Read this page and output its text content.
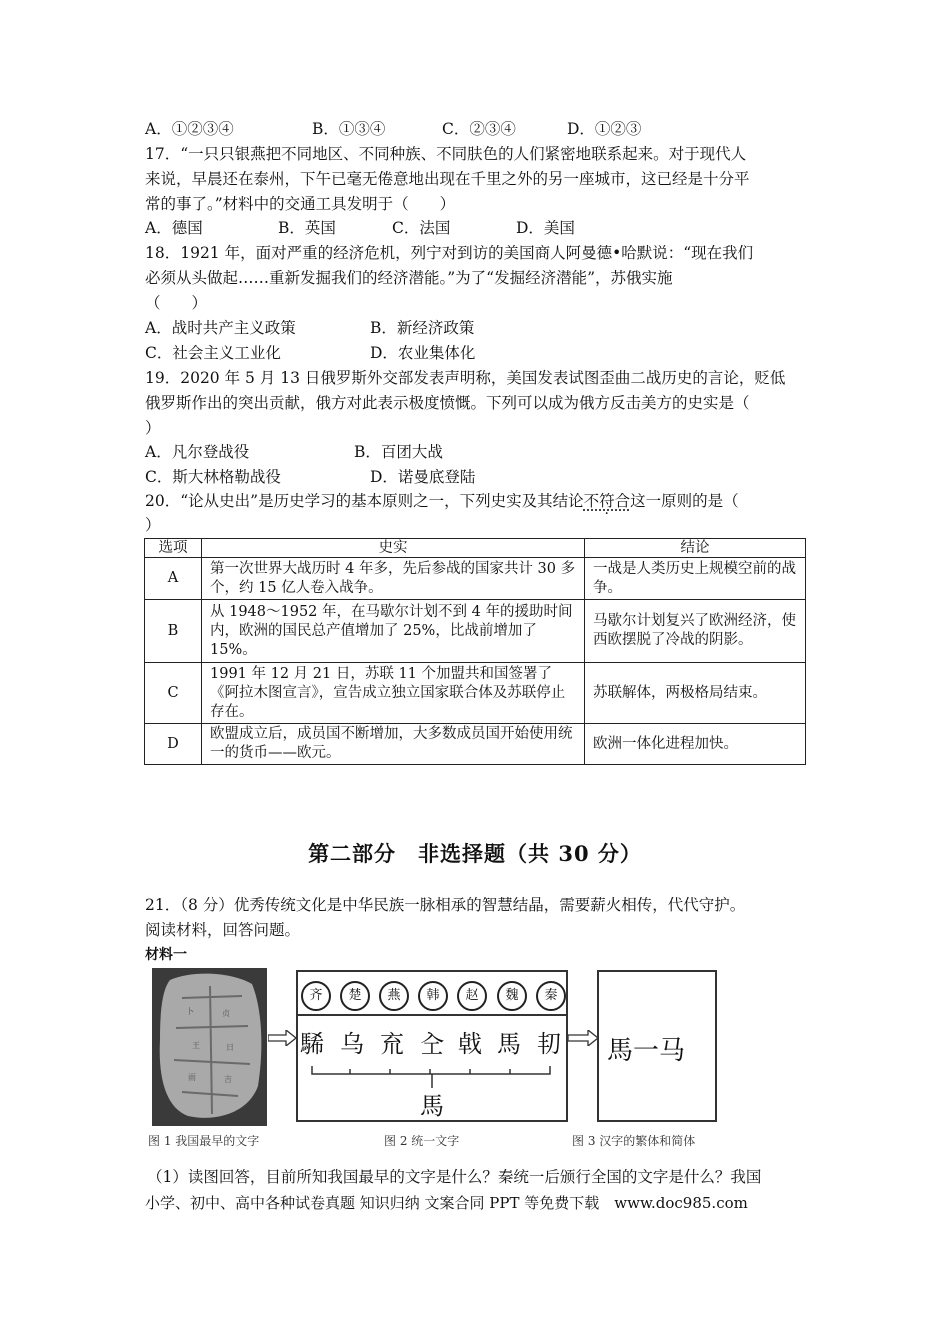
A．①②③④	B．①③④	C．②③④	D．①②③
17．“一只只银燕把不同地区、不同种族、不同肤色的人们紧密地联系起来。对于现代人
来说，早晨还在泰州，下午已毫无倦意地出现在千里之外的另一座城市，这已经是十分平
常的事了。”材料中的交通工具发明于（　　）
A．德国	B．英国	C．法国	D．美国
18．1921 年，面对严重的经济危机，列宁对到访的美国商人阿曼德•哈默说：“现在我们
必须从头做起……重新发掘我们的经济潜能。”为了“发掘经济潜能”，苏俄实施
（　　）
A．战时共产主义政策	B．新经济政策
C．社会主义工业化	D．农业集体化
19．2020 年 5 月 13 日俄罗斯外交部发表声明称，美国发表试图歪曲二战历史的言论，贬低
俄罗斯作出的突出贡献，俄方对此表示极度愤慨。下列可以成为俄方反击美方的史实是（
）
A．凡尔登战役	B．百团大战
C．斯大林格勒战役	D．诺曼底登陆
20．“论从史出”是历史学习的基本原则之一，下列史实及其结论不符合这一原则的是（
）
选项	史实	结论
A	第一次世界大战历时 4 年多，先后参战的国家共计 30 多个，约 15 亿人卷入战争。	一战是人类历史上规模空前的战争。
B	从 1948～1952 年，在马歇尔计划不到 4 年的援助时间内，欧洲的国民总产值增加了 25%，比战前增加了 15%。	马歇尔计划复兴了欧洲经济，使西欧摆脱了冷战的阴影。
C	1991 年 12 月 21 日，苏联 11 个加盟共和国签署了《阿拉木图宣言》，宣告成立独立国家联合体及苏联停止存在。	苏联解体，两极格局结束。
D	欧盟成立后，成员国不断增加，大多数成员国开始使用统一的货币——欧元。	欧洲一体化进程加快。
第二部分　非选择题（共 30 分）
21．（8 分）优秀传统文化是中华民族一脉相承的智慧结晶，需要薪火相传，代代守护。
阅读材料，回答问题。
材料一
卜	贞
王	日
雨	吉
齐	楚	燕	韩	赵	魏	秦
䮎 乌 㐬 㒰 㦸 馬 㓞
馬
馬一马
图 1 我国最早的文字	图 2 统一文字	图 3 汉字的繁体和简体
（1）读图回答，目前所知我国最早的文字是什么？秦统一后颁行全国的文字是什么？我国
小学、初中、高中各种试卷真题 知识归纳 文案合同 PPT 等免费下载　www.doc985.com
